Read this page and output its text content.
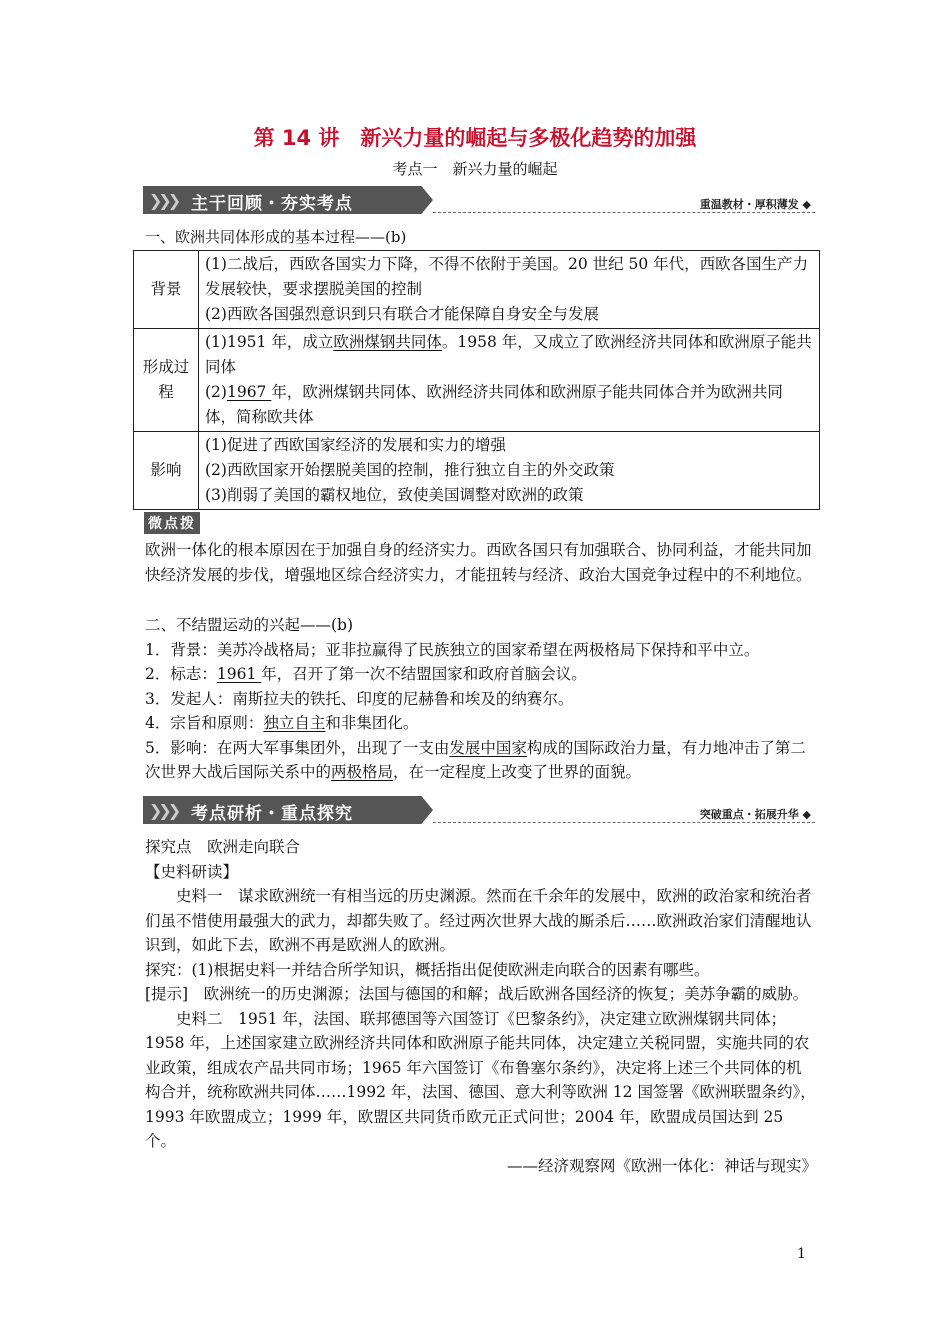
第 14 讲　新兴力量的崛起与多极化趋势的加强
考点一　新兴力量的崛起
❯❯❯ 主干回顾・夯实考点	重温教材・厚积薄发 ◆
一、欧洲共同体形成的基本过程——(b)
背景	(1)二战后，西欧各国实力下降，不得不依附于美国。20 世纪 50 年代，西欧各国生产力发展较快，要求摆脱美国的控制
(2)西欧各国强烈意识到只有联合才能保障自身安全与发展

形成过程	(1)1951 年，成立欧洲煤钢共同体。1958 年，又成立了欧洲经济共同体和欧洲原子能共同体
(2)1967 年，欧洲煤钢共同体、欧洲经济共同体和欧洲原子能共同体合并为欧洲共同体，简称欧共体

影响	(1)促进了西欧国家经济的发展和实力的增强
(2)西欧国家开始摆脱美国的控制，推行独立自主的外交政策
(3)削弱了美国的霸权地位，致使美国调整对欧洲的政策
微点拨
欧洲一体化的根本原因在于加强自身的经济实力。西欧各国只有加强联合、协同利益，才能共同加快经济发展的步伐，增强地区综合经济实力，才能扭转与经济、政治大国竞争过程中的不利地位。
二、不结盟运动的兴起——(b)
1．背景：美苏冷战格局；亚非拉赢得了民族独立的国家希望在两极格局下保持和平中立。
2．标志：1961 年，召开了第一次不结盟国家和政府首脑会议。
3．发起人：南斯拉夫的铁托、印度的尼赫鲁和埃及的纳赛尔。
4．宗旨和原则：独立自主和非集团化。
5．影响：在两大军事集团外，出现了一支由发展中国家构成的国际政治力量，有力地冲击了第二次世界大战后国际关系中的两极格局，在一定程度上改变了世界的面貌。
❯❯❯ 考点研析・重点探究	突破重点・拓展升华 ◆
探究点　欧洲走向联合
【史料研读】
史料一　谋求欧洲统一有相当远的历史渊源。然而在千余年的发展中，欧洲的政治家和统治者们虽不惜使用最强大的武力，却都失败了。经过两次世界大战的厮杀后……欧洲政治家们清醒地认识到，如此下去，欧洲不再是欧洲人的欧洲。
探究：(1)根据史料一并结合所学知识，概括指出促使欧洲走向联合的因素有哪些。
[提示]　欧洲统一的历史渊源；法国与德国的和解；战后欧洲各国经济的恢复；美苏争霸的威胁。
史料二　1951 年，法国、联邦德国等六国签订《巴黎条约》，决定建立欧洲煤钢共同体；1958 年，上述国家建立欧洲经济共同体和欧洲原子能共同体，决定建立关税同盟，实施共同的农业政策，组成农产品共同市场；1965 年六国签订《布鲁塞尔条约》，决定将上述三个共同体的机构合并，统称欧洲共同体……1992 年，法国、德国、意大利等欧洲 12 国签署《欧洲联盟条约》，1993 年欧盟成立；1999 年，欧盟区共同货币欧元正式问世；2004 年，欧盟成员国达到 25 个。
——经济观察网《欧洲一体化：神话与现实》
1
